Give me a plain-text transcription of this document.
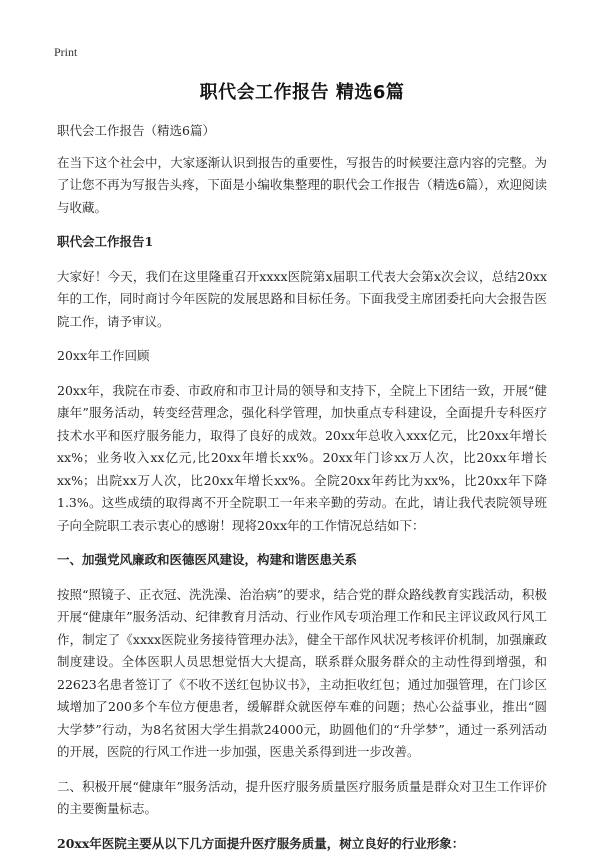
Print
职代会工作报告 精选6篇

职代会工作报告（精选6篇）

在当下这个社会中，大家逐渐认识到报告的重要性，写报告的时候要注意内容的完整。为了让您不再为写报告头疼，下面是小编收集整理的职代会工作报告（精选6篇），欢迎阅读与收藏。

职代会工作报告1

大家好！今天，我们在这里隆重召开xxxx医院第x届职工代表大会第x次会议，总结20xx年的工作，同时商讨今年医院的发展思路和目标任务。下面我受主席团委托向大会报告医院工作，请予审议。

20xx年工作回顾

20xx年，我院在市委、市政府和市卫计局的领导和支持下，全院上下团结一致，开展“健康年”服务活动，转变经营理念，强化科学管理，加快重点专科建设，全面提升专科医疗技术水平和医疗服务能力，取得了良好的成效。20xx年总收入xxx亿元，比20xx年增长xx%；业务收入xx亿元,比20xx年增长xx%。20xx年门诊xx万人次，比20xx年增长xx%；出院xx万人次，比20xx年增长xx%。全院20xx年药比为xx%，比20xx年下降1.3%。这些成绩的取得离不开全院职工一年来辛勤的劳动。在此，请让我代表院领导班子向全院职工表示衷心的感谢！现将20xx年的工作情况总结如下：

一、加强党风廉政和医德医风建设，构建和谐医患关系

按照“照镜子、正衣冠、洗洗澡、治治病”的要求，结合党的群众路线教育实践活动，积极开展“健康年”服务活动、纪律教育月活动、行业作风专项治理工作和民主评议政风行风工作，制定了《xxxx医院业务接待管理办法》，健全干部作风状况考核评价机制，加强廉政制度建设。全体医职人员思想觉悟大大提高，联系群众服务群众的主动性得到增强，和22623名患者签订了《不收不送红包协议书》，主动拒收红包；通过加强管理，在门诊区域增加了200多个车位方便患者，缓解群众就医停车难的问题；热心公益事业，推出“圆大学梦”行动，为8名贫困大学生捐款24000元，助圆他们的“升学梦”，通过一系列活动的开展，医院的行风工作进一步加强，医患关系得到进一步改善。

二、积极开展“健康年”服务活动，提升医疗服务质量医疗服务质量是群众对卫生工作评价的主要衡量标志。

20xx年医院主要从以下几方面提升医疗服务质量，树立良好的行业形象：
